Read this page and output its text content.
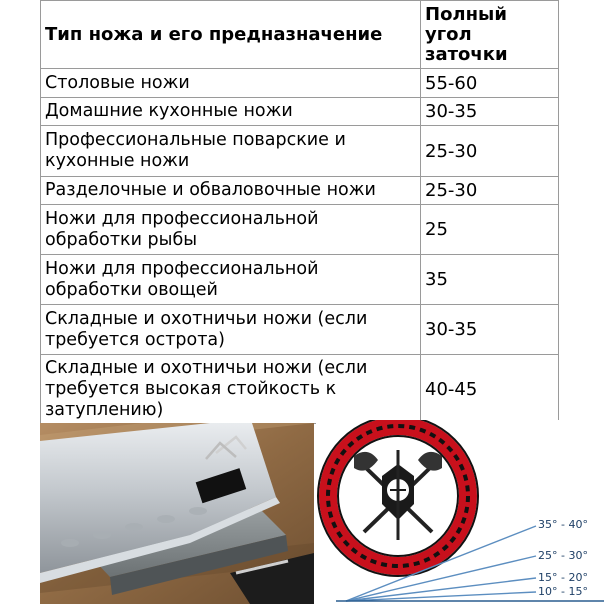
Тип ножа и его предназначение	Полный угол заточки
Столовые ножи	55-60
Домашние кухонные ножи	30-35
Профессиональные поварские и кухонные ножи	25-30
Разделочные и обваловочные ножи	25-30
Ножи для профессиональной обработки рыбы	25
Ножи для профессиональной обработки овощей	35
Складные и охотничьи ножи (если требуется острота)	30-35
Складные и охотничьи ножи (если требуется высокая стойкость к затуплению)	40-45
35° - 40°
25° - 30°
15° - 20°
10° - 15°
